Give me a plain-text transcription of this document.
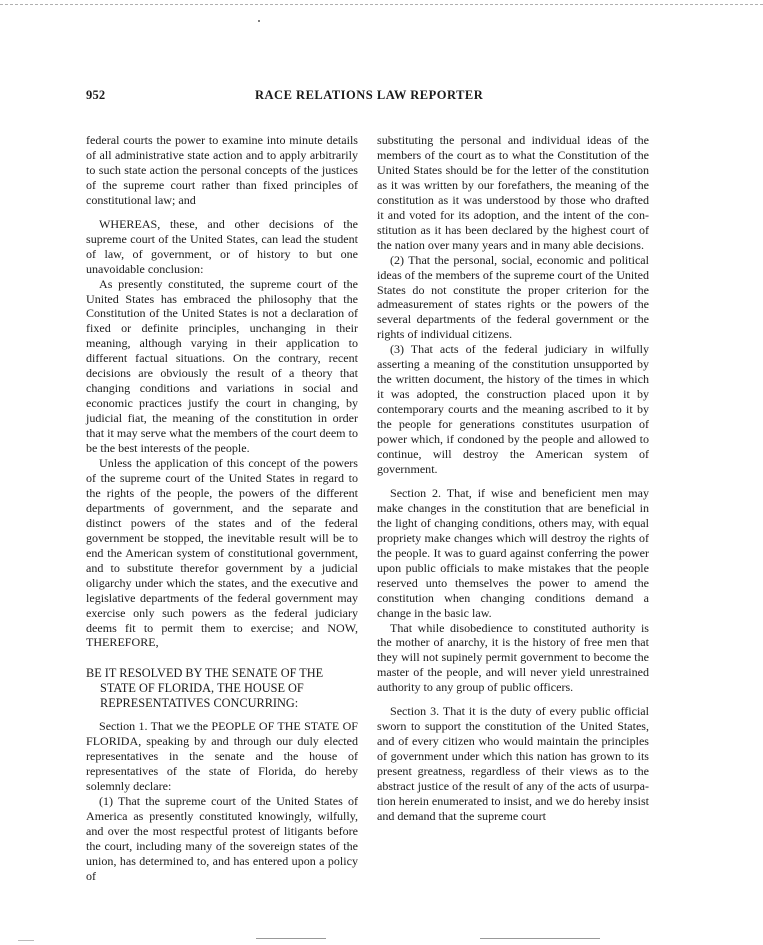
952	RACE RELATIONS LAW REPORTER

federal courts the power to examine into minute details of all administrative state action and to apply arbitrarily to such state action the personal concepts of the justices of the supreme court rather than fixed principles of constitutional law; and

WHEREAS, these, and other decisions of the supreme court of the United States, can lead the student of law, of government, or of history to but one unavoidable conclusion:

As presently constituted, the supreme court of the United States has embraced the philosophy that the Constitution of the United States is not a declaration of fixed or definite principles, unchanging in their meaning, although varying in their application to different factual situations. On the contrary, recent decisions are obviously the result of a theory that changing conditions and variations in social and economic practices justify the court in changing, by judicial fiat, the meaning of the constitution in order that it may serve what the members of the court deem to be the best interests of the people.

Unless the application of this concept of the powers of the supreme court of the United States in regard to the rights of the people, the powers of the different departments of government, and the separate and distinct powers of the states and of the federal government be stopped, the inevitable result will be to end the American system of constitutional government, and to substitute therefor government by a judicial oligarchy under which the states, and the executive and legislative departments of the federal government may exercise only such powers as the federal judiciary deems fit to permit them to exercise; and NOW, THEREFORE,

BE IT RESOLVED BY THE SENATE OF THE
STATE OF FLORIDA, THE HOUSE OF
REPRESENTATIVES CONCURRING:

Section 1. That we the PEOPLE OF THE STATE OF FLORIDA, speaking by and through our duly elected representatives in the senate and the house of representatives of the state of Florida, do hereby solemnly declare:

(1) That the supreme court of the United States of America as presently constituted knowingly, wilfully, and over the most respectful protest of litigants before the court, including many of the sovereign states of the union, has determined to, and has entered upon a policy of

substituting the personal and individual ideas of the members of the court as to what the Constitution of the United States should be for the letter of the constitution as it was written by our forefathers, the meaning of the constitution as it was understood by those who drafted it and voted for its adoption, and the intent of the constitution as it has been declared by the highest court of the nation over many years and in many able decisions.

(2) That the personal, social, economic and political ideas of the members of the supreme court of the United States do not constitute the proper criterion for the admeasurement of states rights or the powers of the several departments of the federal government or the rights of individual citizens.

(3) That acts of the federal judiciary in wilfully asserting a meaning of the constitution unsupported by the written document, the history of the times in which it was adopted, the construction placed upon it by contemporary courts and the meaning ascribed to it by the people for generations constitutes usurpation of power which, if condoned by the people and allowed to continue, will destroy the American system of government.

Section 2. That, if wise and beneficient men may make changes in the constitution that are beneficial in the light of changing conditions, others may, with equal propriety make changes which will destroy the rights of the people. It was to guard against conferring the power upon public officials to make mistakes that the people reserved unto themselves the power to amend the constitution when changing conditions demand a change in the basic law.

That while disobedience to constituted authority is the mother of anarchy, it is the history of free men that they will not supinely permit government to become the master of the people, and will never yield unrestrained authority to any group of public officers.

Section 3. That it is the duty of every public official sworn to support the constitution of the United States, and of every citizen who would maintain the principles of government under which this nation has grown to its present greatness, regardless of their views as to the abstract justice of the result of any of the acts of usurpation herein enumerated to insist, and we do hereby insist and demand that the supreme court
